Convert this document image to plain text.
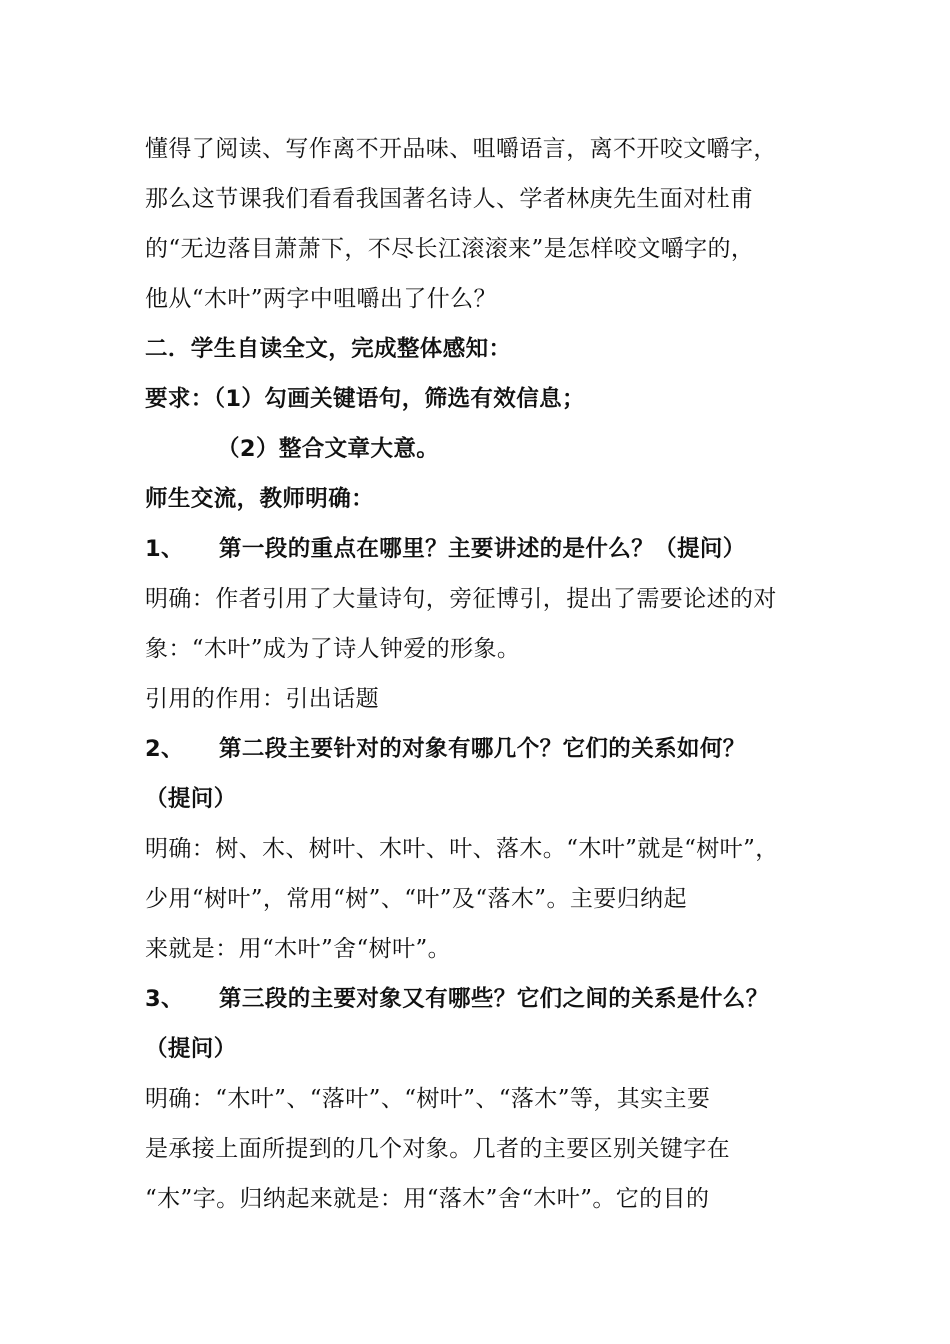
懂得了阅读、写作离不开品味、咀嚼语言，离不开咬文嚼字，
那么这节课我们看看我国著名诗人、学者林庚先生面对杜甫
的“无边落目萧萧下，不尽长江滚滚来”是怎样咬文嚼字的，
他从“木叶”两字中咀嚼出了什么？
二．学生自读全文，完成整体感知：
要求：（1）勾画关键语句，筛选有效信息；
（2）整合文章大意。
师生交流，教师明确：
1、 第一段的重点在哪里？主要讲述的是什么？（提问）
明确：作者引用了大量诗句，旁征博引，提出了需要论述的对
象：“木叶”成为了诗人钟爱的形象。
引用的作用：引出话题
2、 第二段主要针对的对象有哪几个？它们的关系如何？
（提问）
明确：树、木、树叶、木叶、叶、落木。“木叶”就是“树叶”，
少用“树叶”，常用“树”、“叶”及“落木”。主要归纳起
来就是：用“木叶”舍“树叶”。
3、 第三段的主要对象又有哪些？它们之间的关系是什么？
（提问）
明确：“木叶”、“落叶”、“树叶”、“落木”等，其实主要
是承接上面所提到的几个对象。几者的主要区别关键字在
“木”字。归纳起来就是：用“落木”舍“木叶”。它的目的
